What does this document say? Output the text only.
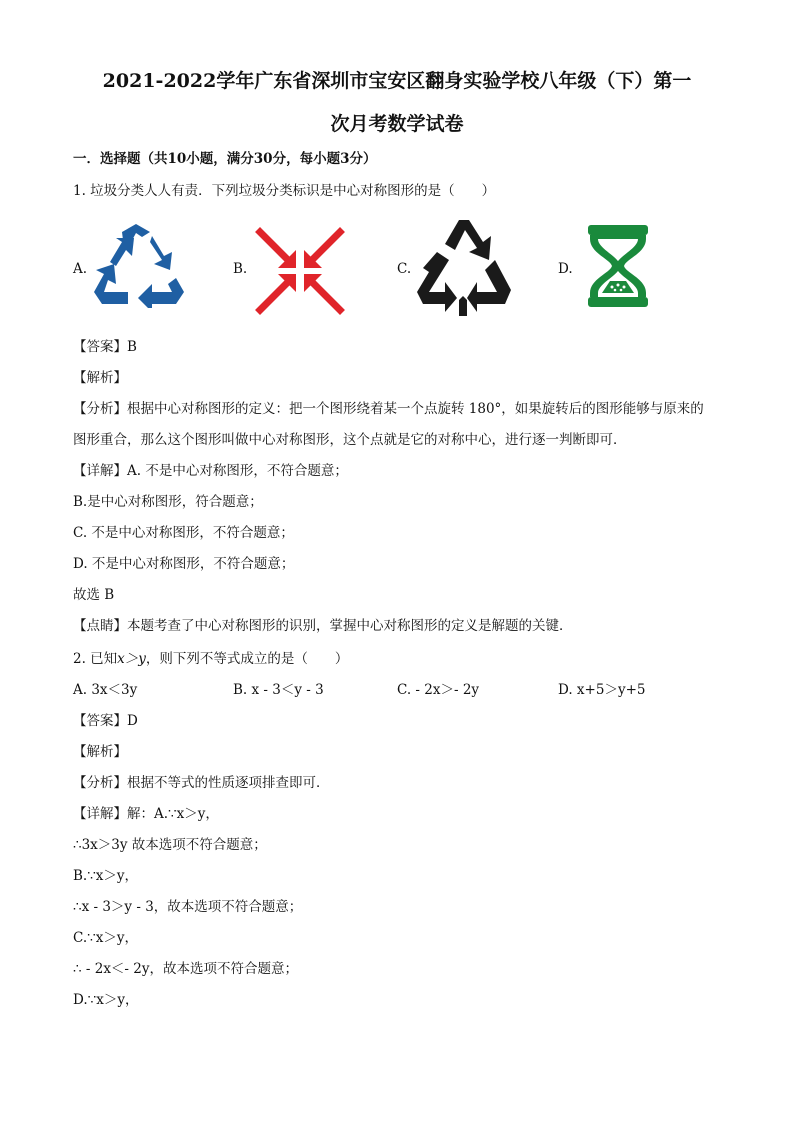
2021-2022学年广东省深圳市宝安区翻身实验学校八年级（下）第一
次月考数学试卷
一．选择题（共10小题，满分30分，每小题3分）
1. 垃圾分类人人有责．下列垃圾分类标识是中心对称图形的是（　　）
A.	B.	C.	D.
【答案】B
【解析】
【分析】根据中心对称图形的定义：把一个图形绕着某一个点旋转 180°，如果旋转后的图形能够与原来的
图形重合，那么这个图形叫做中心对称图形，这个点就是它的对称中心，进行逐一判断即可．
【详解】A. 不是中心对称图形，不符合题意；
B.是中心对称图形，符合题意；
C. 不是中心对称图形，不符合题意；
D. 不是中心对称图形，不符合题意；
故选 B
【点睛】本题考查了中心对称图形的识别，掌握中心对称图形的定义是解题的关键．
2. 已知x＞y，则下列不等式成立的是（　　）
A. 3x＜3y	B. x - 3＜y - 3	C. - 2x＞- 2y	D. x+5＞y+5
【答案】D
【解析】
【分析】根据不等式的性质逐项排查即可．
【详解】解：A.∵x＞y，
∴3x＞3y 故本选项不符合题意；
B.∵x＞y，
∴x - 3＞y - 3，故本选项不符合题意；
C.∵x＞y，
∴ - 2x＜- 2y，故本选项不符合题意；
D.∵x＞y，
